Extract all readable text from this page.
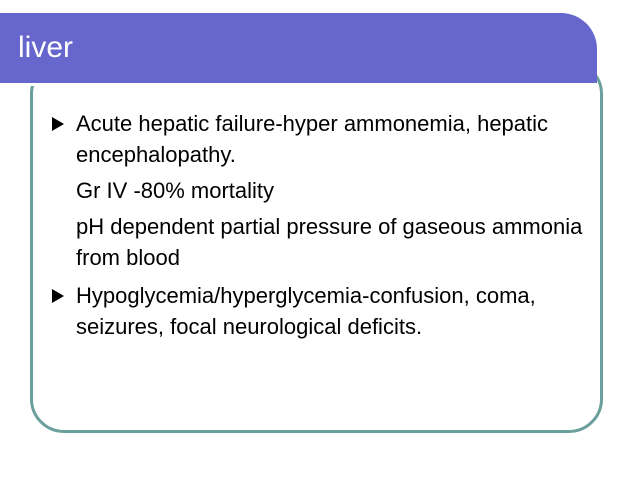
liver
Acute hepatic failure-hyper ammonemia, hepatic encephalopathy.
Gr IV -80% mortality
pH dependent partial pressure of gaseous ammonia from blood
Hypoglycemia/hyperglycemia-confusion, coma, seizures, focal neurological deficits.
